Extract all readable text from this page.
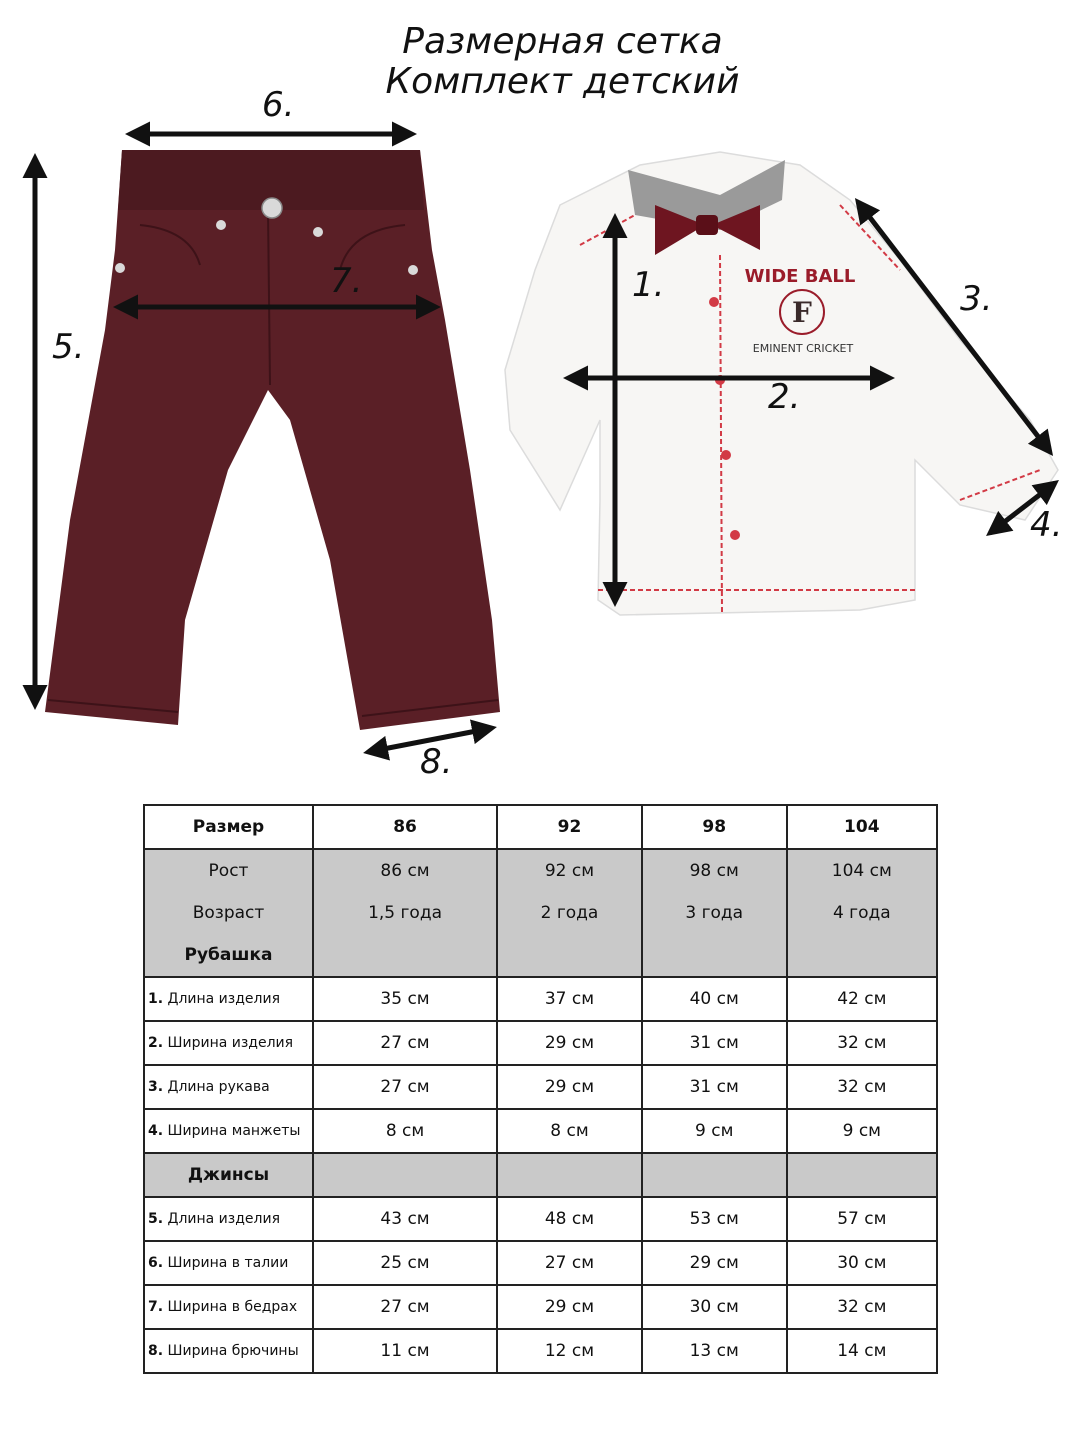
Размерная сетка
Комплект детский
WIDE BALL
F
EMINENT CRICKET
6.
5.
7.
8.
1.
2.
3.
4.
Размер	86	92	98	104
Рост	86 см	92 см	98 см	104 см
Возраст	1,5 года	2 года	3 года	4 года
Рубашка				
1. Длина изделия	35 см	37 см	40 см	42 см
2. Ширина изделия	27 см	29 см	31 см	32 см
3. Длина рукава	27 см	29 см	31 см	32 см
4. Ширина манжеты	8 см	8 см	9 см	9 см
Джинсы				
5. Длина изделия	43 см	48 см	53 см	57 см
6. Ширина в талии	25 см	27 см	29 см	30 см
7. Ширина в бедрах	27 см	29 см	30 см	32 см
8. Ширина брючины	11 см	12 см	13 см	14 см
